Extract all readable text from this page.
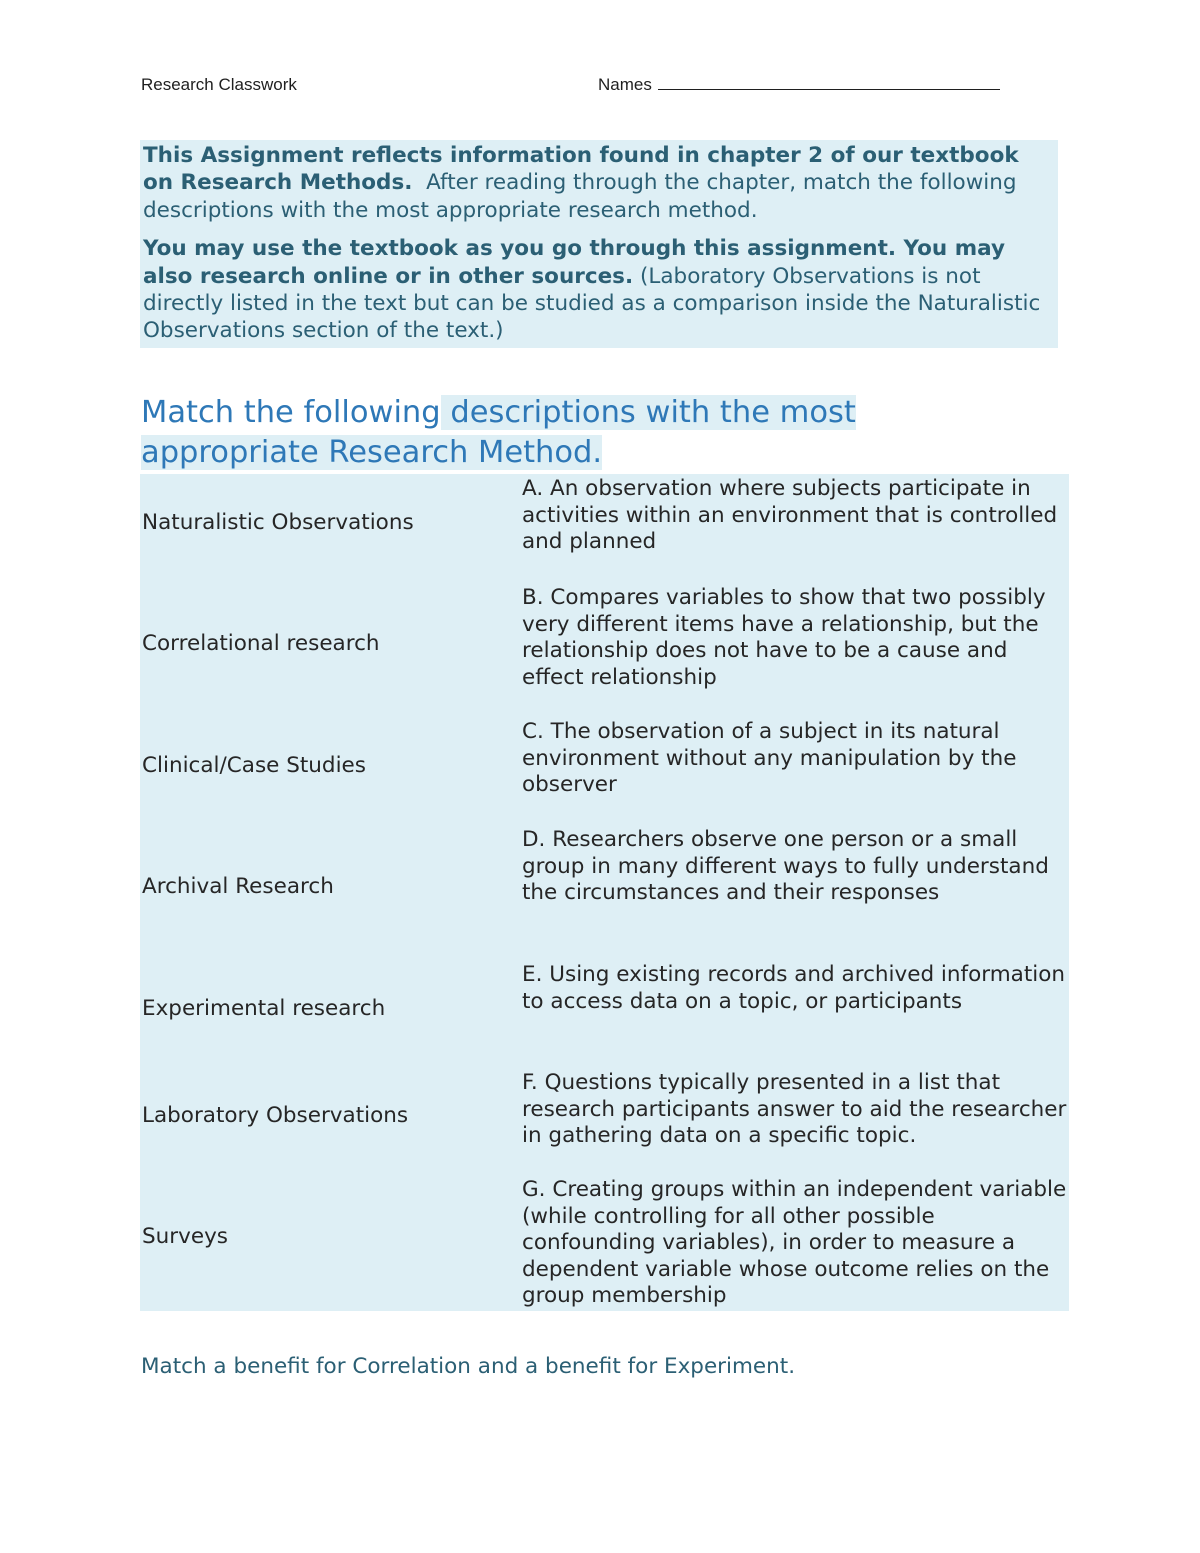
Research Classwork	Names

This Assignment reflects information found in chapter 2 of our textbook on Research Methods. After reading through the chapter, match the following descriptions with the most appropriate research method.

You may use the textbook as you go through this assignment. You may also research online or in other sources. (Laboratory Observations is not directly listed in the text but can be studied as a comparison inside the Naturalistic Observations section of the text.)

Match the following descriptions with the most appropriate Research Method.
Naturalistic Observations
A. An observation where subjects participate in activities within an environment that is controlled and planned
Correlational research
B. Compares variables to show that two possibly very different items have a relationship, but the relationship does not have to be a cause and effect relationship
Clinical/Case Studies
C. The observation of a subject in its natural environment without any manipulation by the observer
Archival Research
D. Researchers observe one person or a small group in many different ways to fully understand the circumstances and their responses
Experimental research
E. Using existing records and archived information to access data on a topic, or participants
Laboratory Observations
F. Questions typically presented in a list that research participants answer to aid the researcher in gathering data on a specific topic.
Surveys
G. Creating groups within an independent variable (while controlling for all other possible confounding variables), in order to measure a dependent variable whose outcome relies on the group membership
Match a benefit for Correlation and a benefit for Experiment.
